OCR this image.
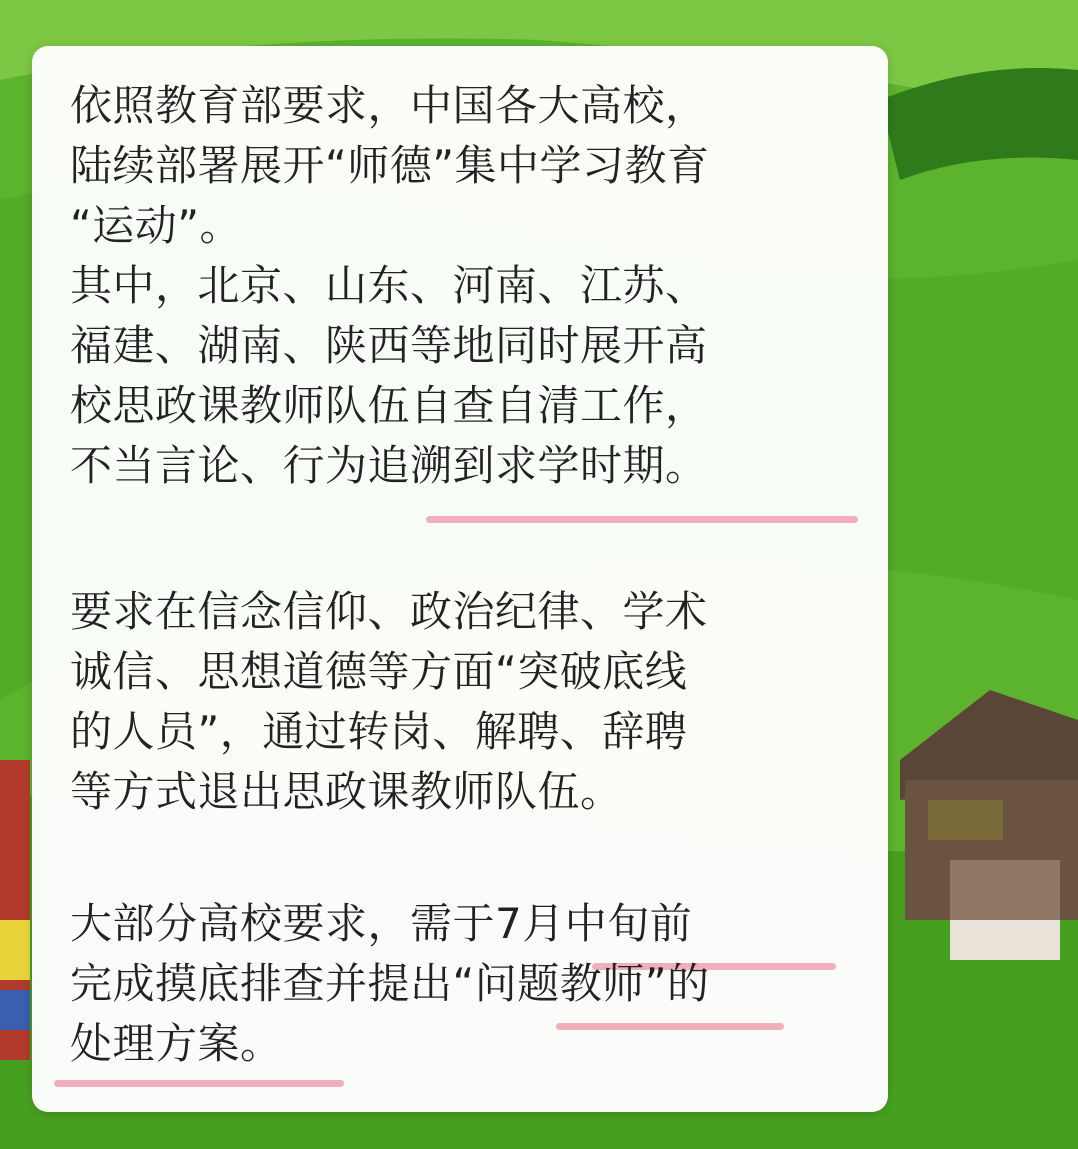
依照教育部要求，中国各大高校，

陆续部署展开“师德”集中学习教育

“运动”。

其中，北京、山东、河南、江苏、

福建、湖南、陕西等地同时展开高

校思政课教师队伍自查自清工作，

不当言论、行为追溯到求学时期。

要求在信念信仰、政治纪律、学术

诚信、思想道德等方面“突破底线

的人员”，通过转岗、解聘、辞聘

等方式退出思政课教师队伍。

大部分高校要求，需于7月中旬前

完成摸底排查并提出“问题教师”的

处理方案。
